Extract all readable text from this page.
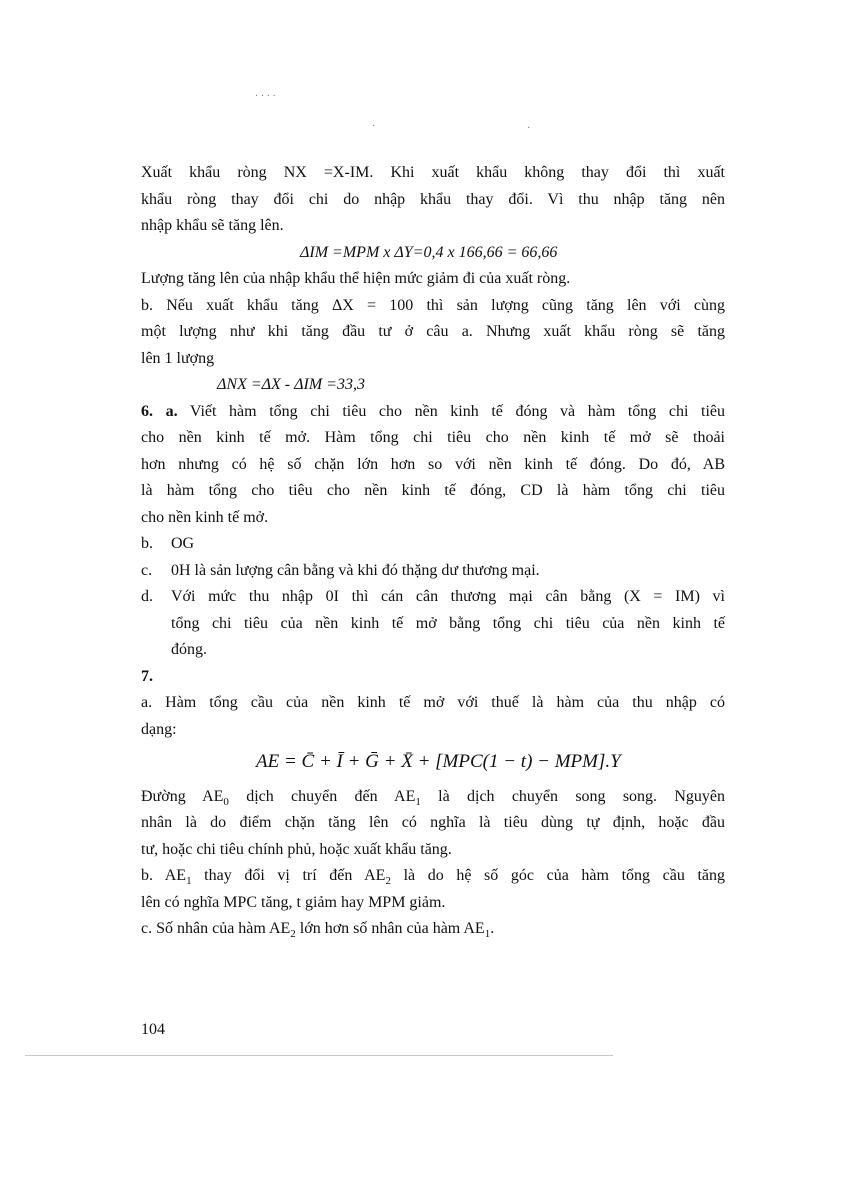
· · · ·
·	·
Xuất khẩu ròng NX =X-IM. Khi xuất khẩu không thay đổi thì xuất
khẩu ròng thay đổi chi do nhập khẩu thay đổi. Vì thu nhập tăng nên
nhập khẩu sẽ tăng lên.
ΔIM =MPM x ΔY=0,4 x 166,66 = 66,66
Lượng tăng lên của nhập khẩu thể hiện mức giảm đi của xuất ròng.
b. Nếu xuất khẩu tăng ΔX = 100 thì sản lượng cũng tăng lên với cùng
một lượng như khi tăng đầu tư ở câu a. Nhưng xuất khẩu ròng sẽ tăng
lên 1 lượng
ΔNX =ΔX - ΔIM =33,3
6. a. Viết hàm tổng chi tiêu cho nền kinh tế đóng và hàm tổng chi tiêu
cho nền kinh tế mở. Hàm tổng chi tiêu cho nền kinh tế mở sẽ thoải
hơn nhưng có hệ số chặn lớn hơn so với nền kinh tế đóng. Do đó, AB
là hàm tổng cho tiêu cho nền kinh tế đóng, CD là hàm tổng chi tiêu
cho nền kinh tế mở.
b.	OG
c.	0H là sản lượng cân bằng và khi đó thặng dư thương mại.
d.	Với mức thu nhập 0I thì cán cân thương mại cân bằng (X = IM) vì
tổng chi tiêu của nền kinh tế mở bằng tổng chi tiêu của nền kinh tế
đóng.
7.
a. Hàm tổng cầu của nền kinh tế mở với thuế là hàm của thu nhập có
dạng:
AE = C̄ + Ī + Ḡ + X̄ + [MPC(1 − t) − MPM].Y
Đường $AE_0$ dịch chuyển đến $AE_1$ là dịch chuyển song song. Nguyên
nhân là do điểm chặn tăng lên có nghĩa là tiêu dùng tự định, hoặc đầu
tư, hoặc chi tiêu chính phủ, hoặc xuất khẩu tăng.
b. $AE_1$ thay đổi vị trí đến $AE_2$ là do hệ số góc của hàm tổng cầu tăng
lên có nghĩa MPC tăng, t giảm hay MPM giảm.
c. Số nhân của hàm $AE_2$ lớn hơn số nhân của hàm $AE_1$.
104
